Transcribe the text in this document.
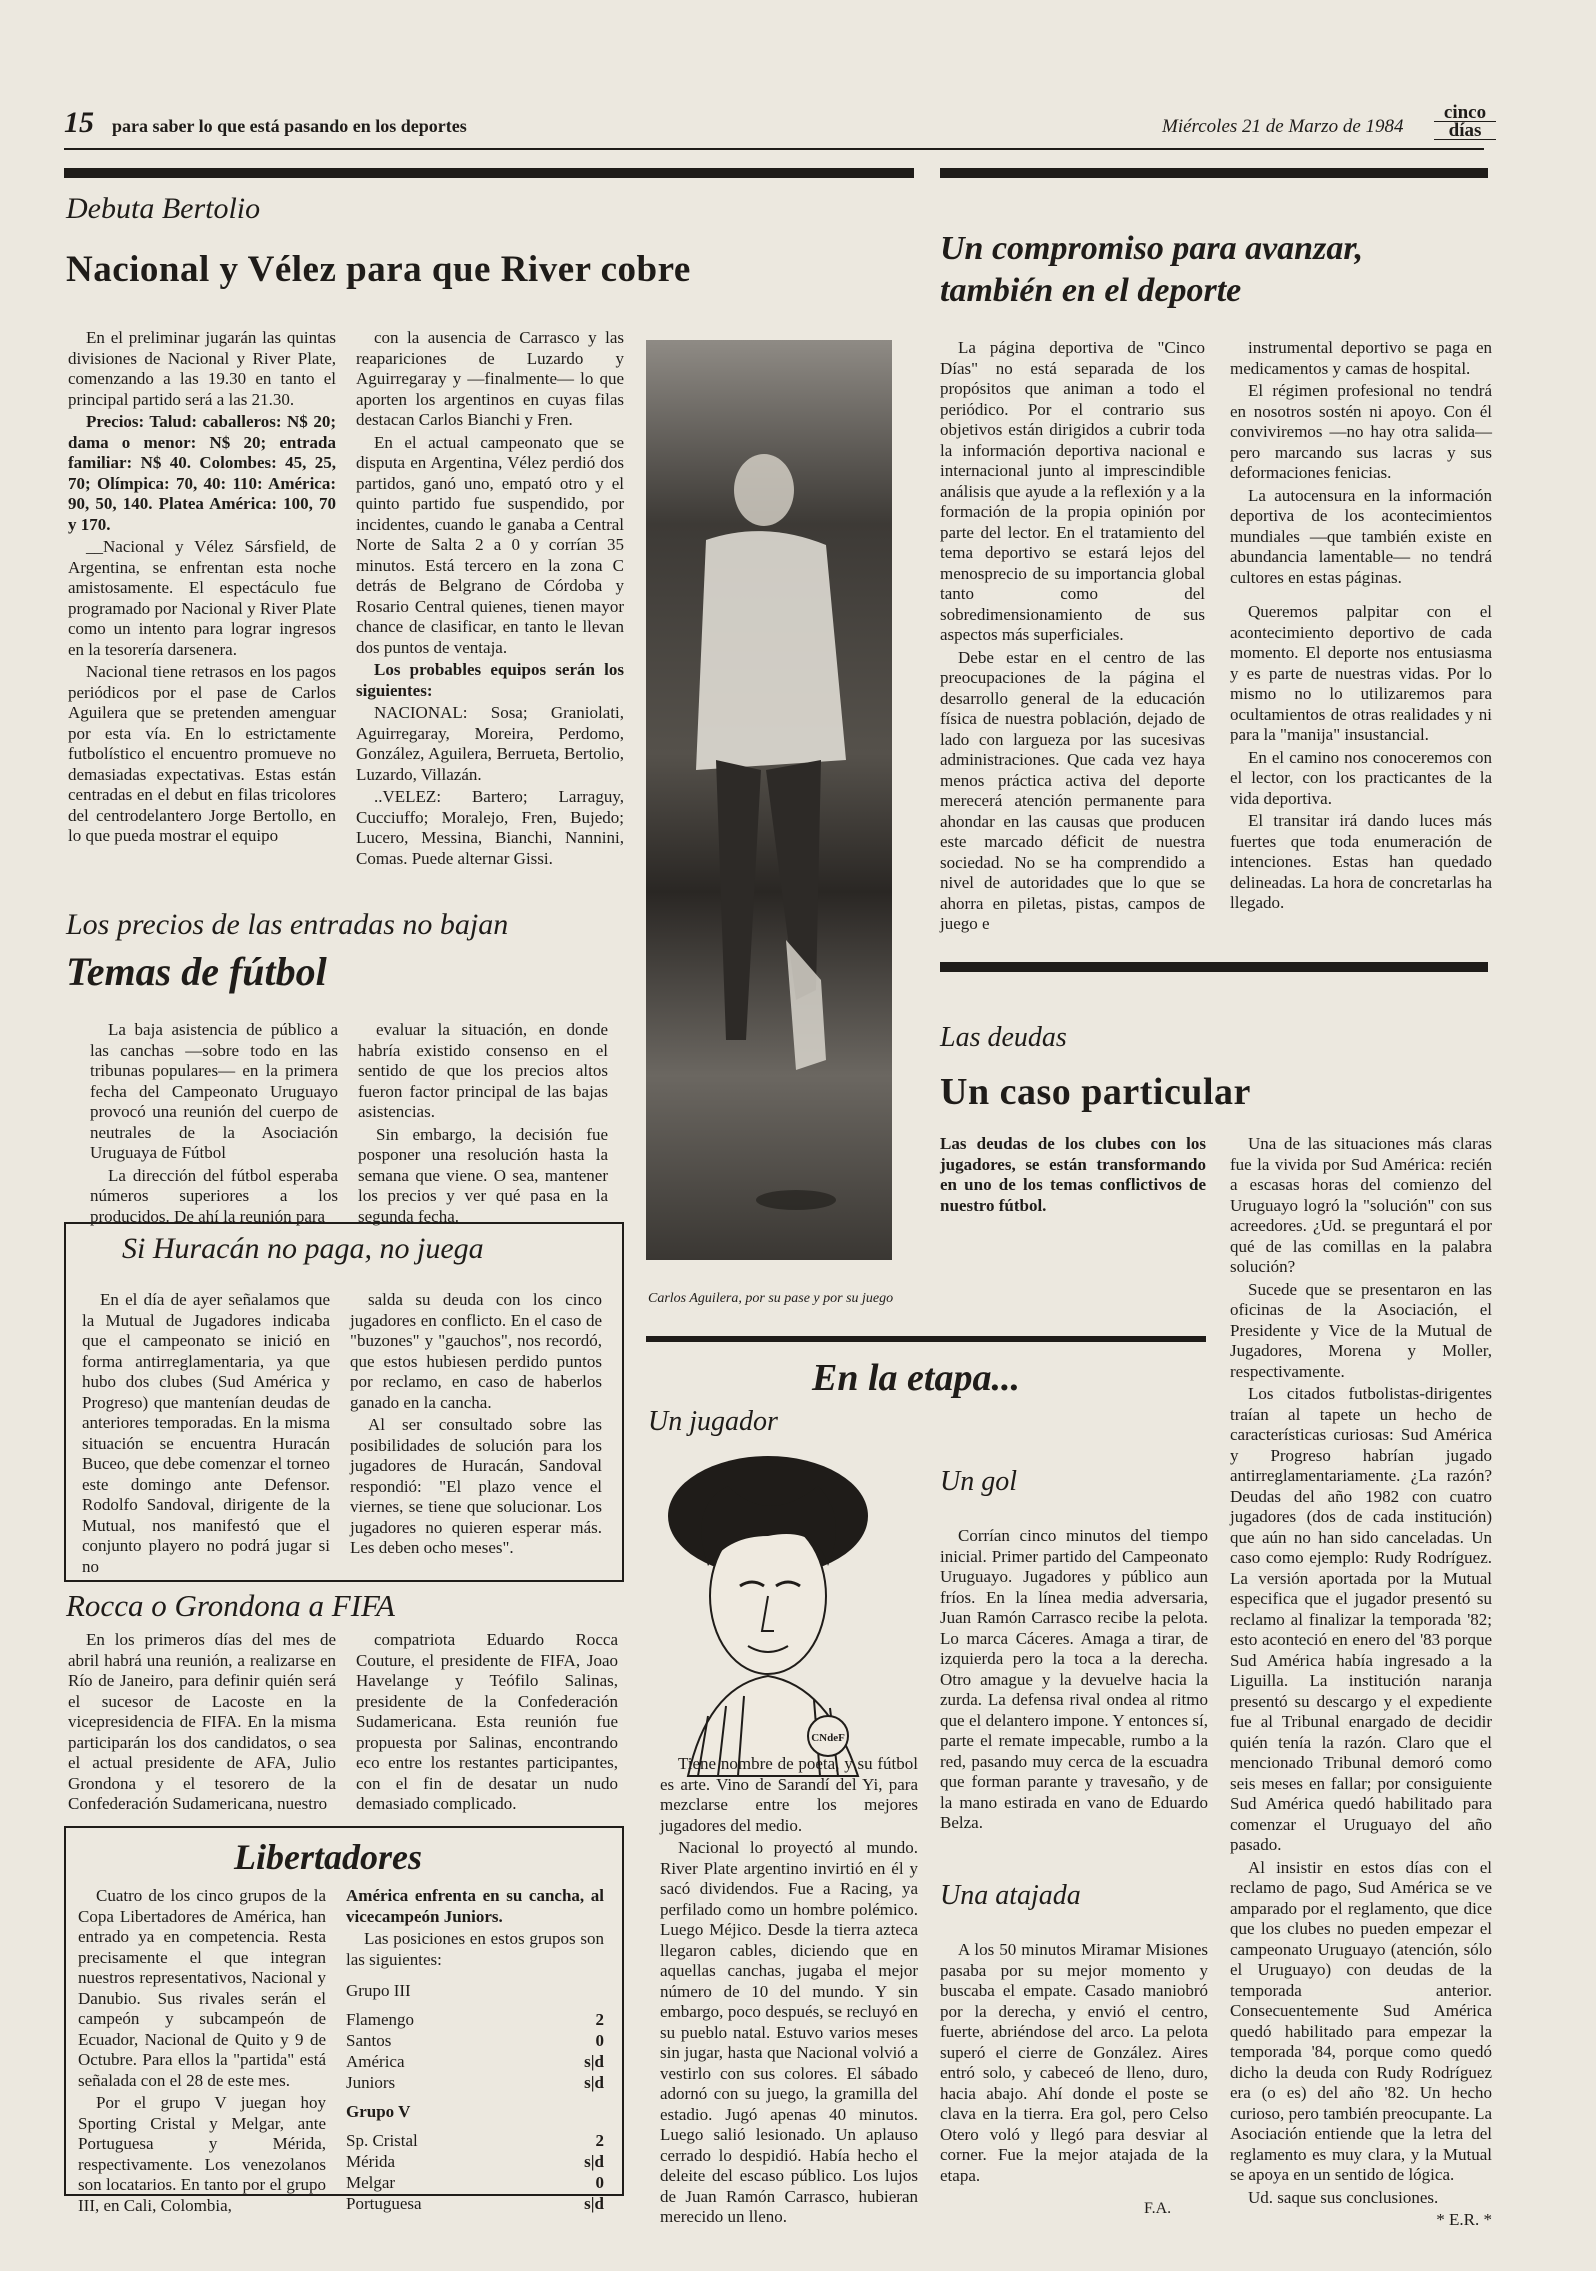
15 para saber lo que está pasando en los deportes	Miércoles 21 de Marzo de 1984
cinco
días
Debuta Bertolio
Nacional y Vélez para que River cobre

En el preliminar jugarán las quintas divisiones de Nacional y River Plate, comenzando a las 19.30 en tanto el principal partido será a las 21.30.

Precios: Talud: caballeros: N$ 20; dama o menor: N$ 20; entrada familiar: N$ 40. Colombes: 45, 25, 70; Olímpica: 70, 40: 110: América: 90, 50, 140. Platea América: 100, 70 y 170.

__Nacional y Vélez Sársfield, de Argentina, se enfrentan esta noche amistosamente. El espectáculo fue programado por Nacional y River Plate como un intento para lograr ingresos en la tesorería darsenera.

Nacional tiene retrasos en los pagos periódicos por el pase de Carlos Aguilera que se pretenden amenguar por esta vía. En lo estrictamente futbolístico el encuentro promueve no demasiadas expectativas. Estas están centradas en el debut en filas tricolores del centrodelantero Jorge Bertollo, en lo que pueda mostrar el equipo

con la ausencia de Carrasco y las reapariciones de Luzardo y Aguirregaray y —finalmente— lo que aporten los argentinos en cuyas filas destacan Carlos Bianchi y Fren.

En el actual campeonato que se disputa en Argentina, Vélez perdió dos partidos, ganó uno, empató otro y el quinto partido fue suspendido, por incidentes, cuando le ganaba a Central Norte de Salta 2 a 0 y corrían 35 minutos. Está tercero en la zona C detrás de Belgrano de Córdoba y Rosario Central quienes, tienen mayor chance de clasificar, en tanto le llevan dos puntos de ventaja.

Los probables equipos serán los siguientes:

NACIONAL: Sosa; Graniolati, Aguirregaray, Moreira, Perdomo, González, Aguilera, Berrueta, Bertolio, Luzardo, Villazán.

..VELEZ: Bartero; Larraguy, Cucciuffo; Moralejo, Fren, Bujedo; Lucero, Messina, Bianchi, Nannini, Comas. Puede alternar Gissi.

Los precios de las entradas no bajan
Temas de fútbol

La baja asistencia de público a las canchas —sobre todo en las tribunas populares— en la primera fecha del Campeonato Uruguayo provocó una reunión del cuerpo de neutrales de la Asociación Uruguaya de Fútbol

La dirección del fútbol esperaba números superiores a los producidos. De ahí la reunión para

evaluar la situación, en donde habría existido consenso en el sentido de que los precios altos fueron factor principal de las bajas asistencias.

Sin embargo, la decisión fue posponer una resolución hasta la semana que viene. O sea, mantener los precios y ver qué pasa en la segunda fecha.

Si Huracán no paga, no juega

En el día de ayer señalamos que la Mutual de Jugadores indicaba que el campeonato se inició en forma antirreglamentaria, ya que hubo dos clubes (Sud América y Progreso) que mantenían deudas de anteriores temporadas. En la misma situación se encuentra Huracán Buceo, que debe comenzar el torneo este domingo ante Defensor. Rodolfo Sandoval, dirigente de la Mutual, nos manifestó que el conjunto playero no podrá jugar si no

salda su deuda con los cinco jugadores en conflicto. En el caso de "buzones" y "gauchos", nos recordó, que estos hubiesen perdido puntos por reclamo, en caso de haberlos ganado en la cancha.

Al ser consultado sobre las posibilidades de solución para los jugadores de Huracán, Sandoval respondió: "El plazo vence el viernes, se tiene que solucionar. Los jugadores no quieren esperar más. Les deben ocho meses".

Rocca o Grondona a FIFA

En los primeros días del mes de abril habrá una reunión, a realizarse en Río de Janeiro, para definir quién será el sucesor de Lacoste en la vicepresidencia de FIFA. En la misma participarán los dos candidatos, o sea el actual presidente de AFA, Julio Grondona y el tesorero de la Confederación Sudamericana, nuestro

compatriota Eduardo Rocca Couture, el presidente de FIFA, Joao Havelange y Teófilo Salinas, presidente de la Confederación Sudamericana. Esta reunión fue propuesta por Salinas, encontrando eco entre los restantes participantes, con el fin de desatar un nudo demasiado complicado.

Libertadores

Cuatro de los cinco grupos de la Copa Libertadores de América, han entrado ya en competencia. Resta precisamente el que integran nuestros representativos, Nacional y Danubio. Sus rivales serán el campeón y subcampeón de Ecuador, Nacional de Quito y 9 de Octubre. Para ellos la "partida" está señalada con el 28 de este mes.

Por el grupo V juegan hoy Sporting Cristal y Melgar, ante Portuguesa y Mérida, respectivamente. Los venezolanos son locatarios. En tanto por el grupo III, en Cali, Colombia,

América enfrenta en su cancha, al vicecampeón Juniors.

Las posiciones en estos grupos son las siguientes:

Grupo III
Flamengo	2
Santos	0
América	s|d
Juniors	s|d
Grupo V
Sp. Cristal	2
Mérida	s|d
Melgar	0
Portuguesa	s|d
Carlos Aguilera, por su pase y por su juego
Un compromiso para avanzar,
también en el deporte

La página deportiva de "Cinco Días" no está separada de los propósitos que animan a todo el periódico. Por el contrario sus objetivos están dirigidos a cubrir toda la información deportiva nacional e internacional junto al imprescindible análisis que ayude a la reflexión y a la formación de la propia opinión por parte del lector. En el tratamiento del tema deportivo se estará lejos del menosprecio de su importancia global tanto como del sobredimensionamiento de sus aspectos más superficiales.

Debe estar en el centro de las preocupaciones de la página el desarrollo general de la educación física de nuestra población, dejado de lado con largueza por las sucesivas administraciones. Que cada vez haya menos práctica activa del deporte merecerá atención permanente para ahondar en las causas que producen este marcado déficit de nuestra sociedad. No se ha comprendido a nivel de autoridades que lo que se ahorra en piletas, pistas, campos de juego e

instrumental deportivo se paga en medicamentos y camas de hospital.

El régimen profesional no tendrá en nosotros sostén ni apoyo. Con él conviviremos —no hay otra salida— pero marcando sus lacras y sus deformaciones fenicias.

La autocensura en la información deportiva de los acontecimientos mundiales —que también existe en abundancia lamentable— no tendrá cultores en estas páginas.

Queremos palpitar con el acontecimiento deportivo de cada momento. El deporte nos entusiasma y es parte de nuestras vidas. Por lo mismo no lo utilizaremos para ocultamientos de otras realidades y ni para la "manija" insustancial.

En el camino nos conoceremos con el lector, con los practicantes de la vida deportiva.

El transitar irá dando luces más fuertes que toda enumeración de intenciones. Estas han quedado delineadas. La hora de concretarlas ha llegado.

Las deudas
Un caso particular
Las deudas de los clubes con los jugadores, se están transformando en uno de los temas conflictivos de nuestro fútbol.

Una de las situaciones más claras fue la vivida por Sud América: recién a escasas horas del comienzo del Uruguayo logró la "solución" con sus acreedores. ¿Ud. se preguntará el por qué de las comillas en la palabra solución?

Sucede que se presentaron en las oficinas de la Asociación, el Presidente y Vice de la Mutual de Jugadores, Morena y Moller, respectivamente.

Los citados futbolistas-dirigentes traían al tapete un hecho de características curiosas: Sud América y Progreso habrían jugado antirreglamentariamente. ¿La razón? Deudas del año 1982 con cuatro jugadores (dos de cada institución) que aún no han sido canceladas. Un caso como ejemplo: Rudy Rodríguez. La versión aportada por la Mutual especifica que el jugador presentó su reclamo al finalizar la temporada '82; esto aconteció en enero del '83 porque Sud América había ingresado a la Liguilla. La institución naranja presentó su descargo y el expediente fue al Tribunal enargado de decidir quién tenía la razón. Claro que el mencionado Tribunal demoró como seis meses en fallar; por consiguiente Sud América quedó habilitado para comenzar el Uruguayo del año pasado.

Al insistir en estos días con el reclamo de pago, Sud América se ve amparado por el reglamento, que dice que los clubes no pueden empezar el campeonato Uruguayo (atención, sólo el Uruguayo) con deudas de la temporada anterior. Consecuentemente Sud América quedó habilitado para empezar la temporada '84, porque como quedó dicho la deuda con Rudy Rodríguez era (o es) del año '82. Un hecho curioso, pero también preocupante. La Asociación entiende que la letra del reglamento es muy clara, y la Mutual se apoya en un sentido de lógica.

Ud. saque sus conclusiones.

* E.R. *

En la etapa...
Un jugador
CNdeF

Tiene nombre de poeta, y su fútbol es arte. Vino de Sarandí del Yi, para mezclarse entre los mejores jugadores del medio.

Nacional lo proyectó al mundo. River Plate argentino invirtió en él y sacó dividendos. Fue a Racing, ya perfilado como un hombre polémico. Luego Méjico. Desde la tierra azteca llegaron cables, diciendo que en aquellas canchas, jugaba el mejor número de 10 del mundo. Y sin embargo, poco después, se recluyó en su pueblo natal. Estuvo varios meses sin jugar, hasta que Nacional volvió a vestirlo con sus colores. El sábado adornó con su juego, la gramilla del estadio. Jugó apenas 40 minutos. Luego salió lesionado. Un aplauso cerrado lo despidió. Había hecho el deleite del escaso público. Los lujos de Juan Ramón Carrasco, hubieran merecido un lleno.

Un gol

Corrían cinco minutos del tiempo inicial. Primer partido del Campeonato Uruguayo. Jugadores y público aun fríos. En la línea media adversaria, Juan Ramón Carrasco recibe la pelota. Lo marca Cáceres. Amaga a tirar, de izquierda pero la toca a la derecha. Otro amague y la devuelve hacia la zurda. La defensa rival ondea al ritmo que el delantero impone. Y entonces sí, parte el remate impecable, rumbo a la red, pasando muy cerca de la escuadra que forman parante y travesaño, y de la mano estirada en vano de Eduardo Belza.

Una atajada

A los 50 minutos Miramar Misiones pasaba por su mejor momento y buscaba el empate. Casado maniobró por la derecha, y envió el centro, fuerte, abriéndose del arco. La pelota superó el cierre de González. Aires entró solo, y cabeceó de lleno, duro, hacia abajo. Ahí donde el poste se clava en la tierra. Era gol, pero Celso Otero voló y llegó para desviar al corner. Fue la mejor atajada de la etapa.

F.A.
